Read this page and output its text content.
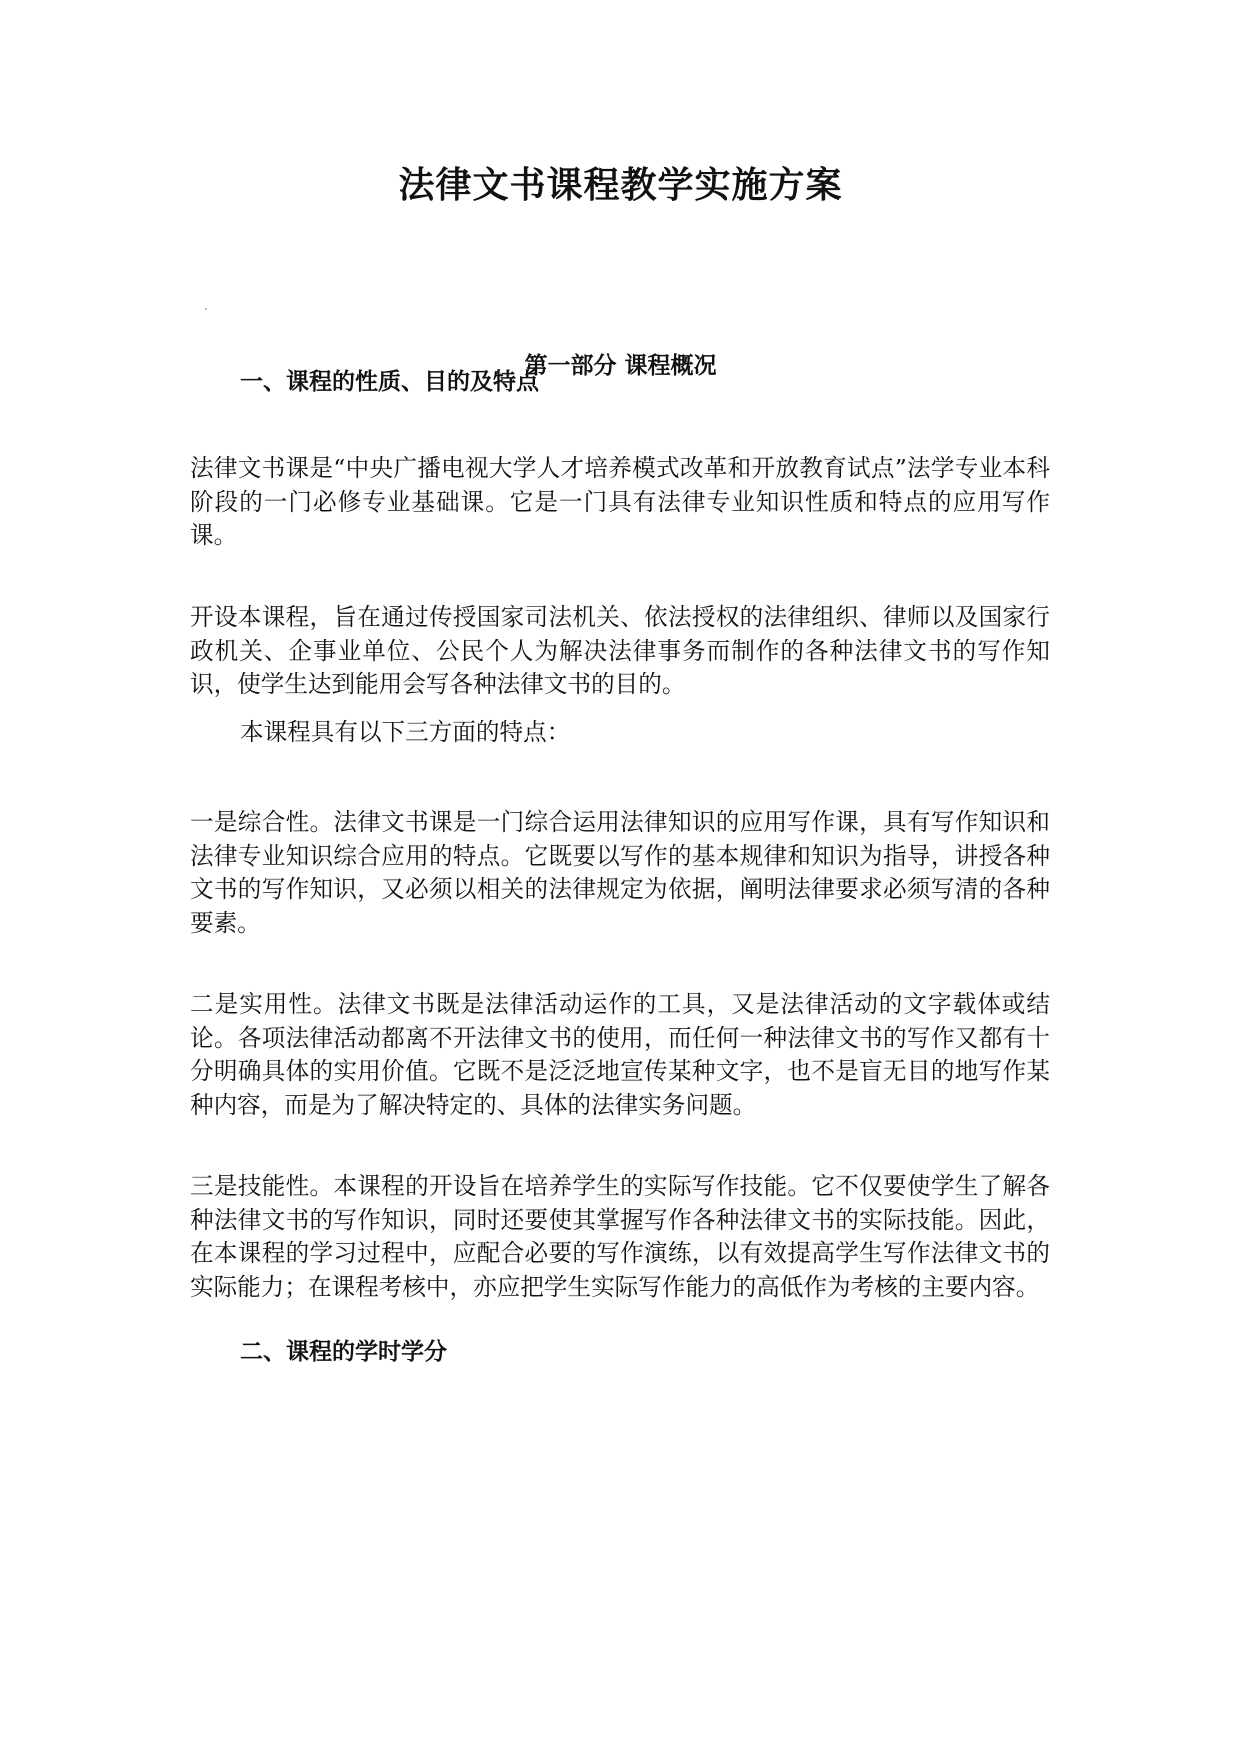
法律文书课程教学实施方案
第一部分 课程概况
一、课程的性质、目的及特点

法律文书课是“中央广播电视大学人才培养模式改革和开放教育试点”法学专业本科阶段的一门必修专业基础课。它是一门具有法律专业知识性质和特点的应用写作课。

开设本课程，旨在通过传授国家司法机关、依法授权的法律组织、律师以及国家行政机关、企事业单位、公民个人为解决法律事务而制作的各种法律文书的写作知识，使学生达到能用会写各种法律文书的目的。

本课程具有以下三方面的特点：

一是综合性。法律文书课是一门综合运用法律知识的应用写作课，具有写作知识和法律专业知识综合应用的特点。它既要以写作的基本规律和知识为指导，讲授各种文书的写作知识，又必须以相关的法律规定为依据，阐明法律要求必须写清的各种要素。

二是实用性。法律文书既是法律活动运作的工具，又是法律活动的文字载体或结论。各项法律活动都离不开法律文书的使用，而任何一种法律文书的写作又都有十分明确具体的实用价值。它既不是泛泛地宣传某种文字，也不是盲无目的地写作某种内容，而是为了解决特定的、具体的法律实务问题。

三是技能性。本课程的开设旨在培养学生的实际写作技能。它不仅要使学生了解各种法律文书的写作知识，同时还要使其掌握写作各种法律文书的实际技能。因此，在本课程的学习过程中，应配合必要的写作演练，以有效提高学生写作法律文书的实际能力；在课程考核中，亦应把学生实际写作能力的高低作为考核的主要内容。

二、课程的学时学分
